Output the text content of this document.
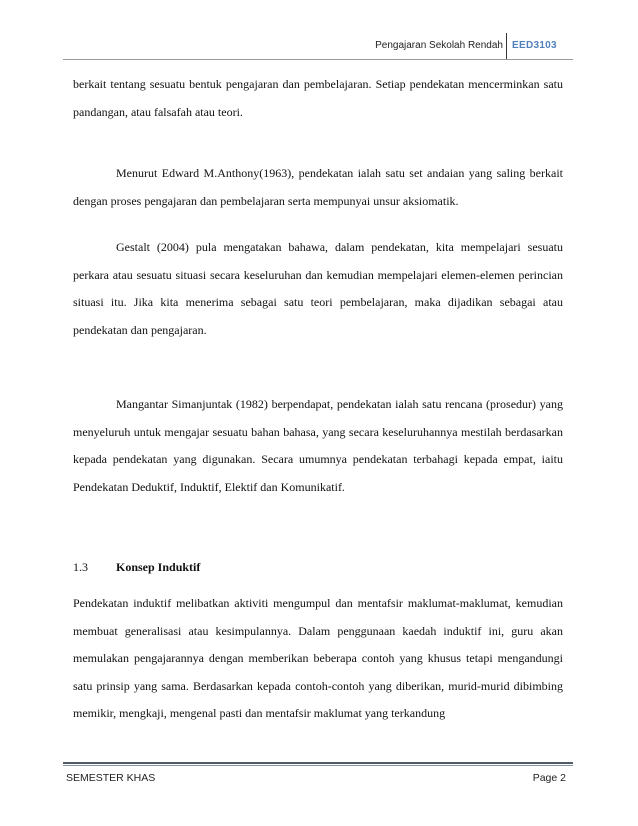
Pengajaran Sekolah Rendah EED3103

berkait tentang sesuatu bentuk pengajaran dan pembelajaran. Setiap pendekatan mencerminkan satu pandangan, atau falsafah atau teori.

Menurut Edward M.Anthony(1963), pendekatan ialah satu set andaian yang saling berkait dengan proses pengajaran dan pembelajaran serta mempunyai unsur aksiomatik.

Gestalt (2004) pula mengatakan bahawa, dalam pendekatan, kita mempelajari sesuatu perkara atau sesuatu situasi secara keseluruhan dan kemudian mempelajari elemen-elemen perincian situasi itu. Jika kita menerima sebagai satu teori pembelajaran, maka dijadikan sebagai atau pendekatan dan pengajaran.

Mangantar Simanjuntak (1982) berpendapat, pendekatan ialah satu rencana (prosedur) yang menyeluruh untuk mengajar sesuatu bahan bahasa, yang secara keseluruhannya mestilah berdasarkan kepada pendekatan yang digunakan. Secara umumnya pendekatan terbahagi kepada empat, iaitu Pendekatan Deduktif, Induktif, Elektif dan Komunikatif.

1.3	Konsep Induktif

Pendekatan induktif melibatkan aktiviti mengumpul dan mentafsir maklumat-maklumat, kemudian membuat generalisasi atau kesimpulannya. Dalam penggunaan kaedah induktif ini, guru akan memulakan pengajarannya dengan memberikan beberapa contoh yang khusus tetapi mengandungi satu prinsip yang sama. Berdasarkan kepada contoh-contoh yang diberikan, murid-murid dibimbing memikir, mengkaji, mengenal pasti dan mentafsir maklumat yang terkandung

SEMESTER KHAS	Page 2
